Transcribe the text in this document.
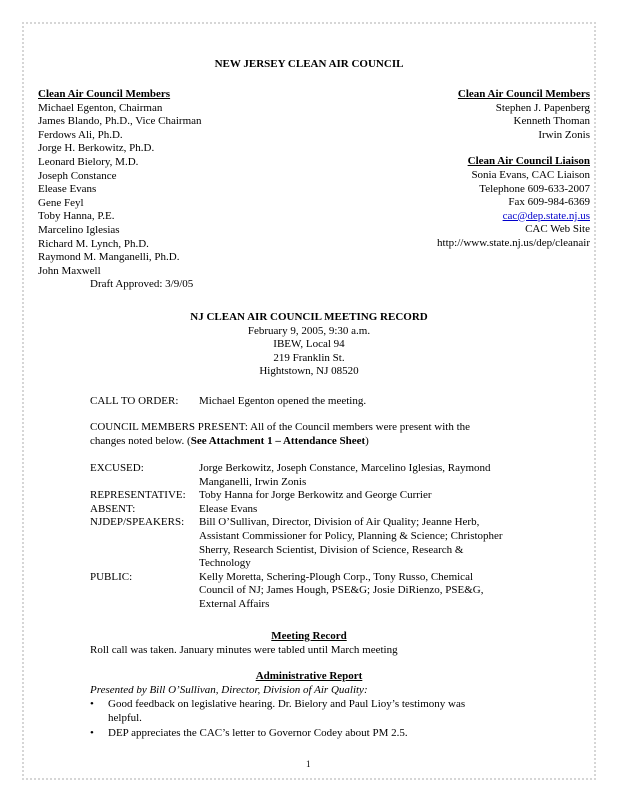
NEW JERSEY CLEAN AIR COUNCIL
Clean Air Council Members
Michael Egenton, Chairman
James Blando, Ph.D., Vice Chairman
Ferdows Ali, Ph.D.
Jorge H. Berkowitz, Ph.D.
Leonard Bielory, M.D.
Joseph Constance
Elease Evans
Gene Feyl
Toby Hanna, P.E.
Marcelino Iglesias
Richard M. Lynch, Ph.D.
Raymond M. Manganelli, Ph.D.
John Maxwell
Draft Approved: 3/9/05
Clean Air Council Members
Stephen J. Papenberg
Kenneth Thoman
Irwin Zonis
Clean Air Council Liaison
Sonia Evans, CAC Liaison
Telephone 609-633-2007
Fax 609-984-6369
cac@dep.state.nj.us
CAC Web Site
http://www.state.nj.us/dep/cleanair
NJ CLEAN AIR COUNCIL MEETING RECORD
February 9, 2005, 9:30 a.m.
IBEW, Local 94
219 Franklin St.
Hightstown, NJ 08520
CALL TO ORDER:	Michael Egenton opened the meeting.
COUNCIL MEMBERS PRESENT: All of the Council members were present with the
changes noted below. (See Attachment 1 – Attendance Sheet)
EXCUSED:	Jorge Berkowitz, Joseph Constance, Marcelino Iglesias, Raymond
Manganelli, Irwin Zonis
REPRESENTATIVE:	Toby Hanna for Jorge Berkowitz and George Currier
ABSENT:	Elease Evans
NJDEP/SPEAKERS:	Bill O’Sullivan, Director, Division of Air Quality; Jeanne Herb,
Assistant Commissioner for Policy, Planning & Science; Christopher
Sherry, Research Scientist, Division of Science, Research &
Technology
PUBLIC:	Kelly Moretta, Schering-Plough Corp., Tony Russo, Chemical
Council of NJ; James Hough, PSE&G; Josie DiRienzo, PSE&G,
External Affairs
Meeting Record
Roll call was taken. January minutes were tabled until March meeting
Administrative Report
Presented by Bill O’Sullivan, Director, Division of Air Quality:
•	Good feedback on legislative hearing. Dr. Bielory and Paul Lioy’s testimony was
helpful.
•	DEP appreciates the CAC’s letter to Governor Codey about PM 2.5.
1
